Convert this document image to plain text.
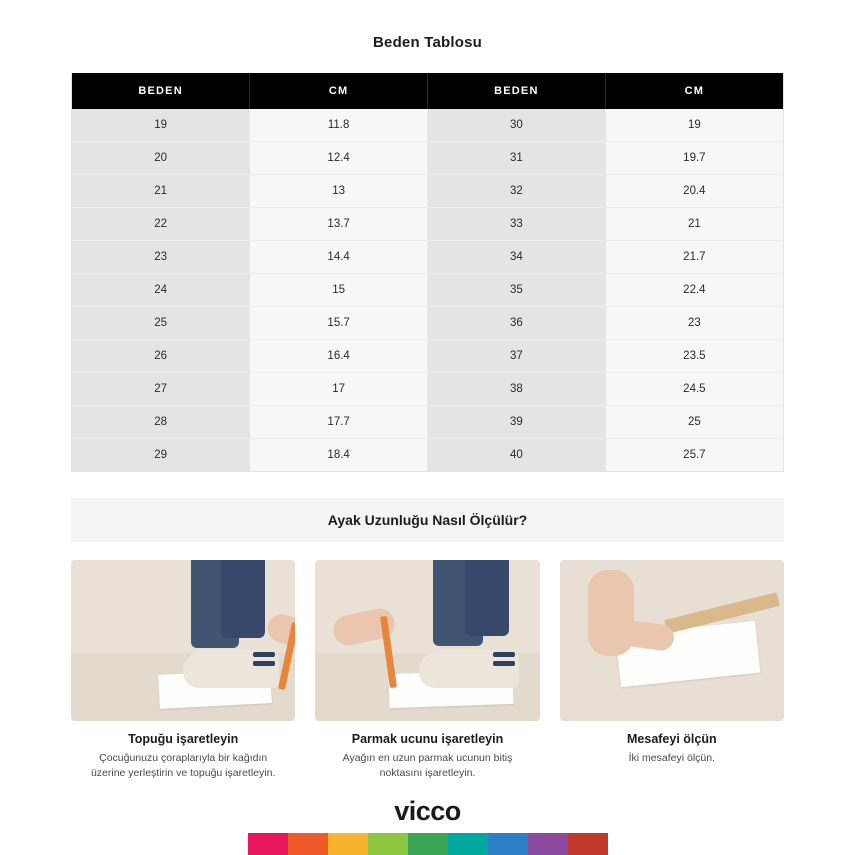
Beden Tablosu
BEDEN	CM	BEDEN	CM
19	11.8	30	19
20	12.4	31	19.7
21	13	32	20.4
22	13.7	33	21
23	14.4	34	21.7
24	15	35	22.4
25	15.7	36	23
26	16.4	37	23.5
27	17	38	24.5
28	17.7	39	25
29	18.4	40	25.7
Ayak Uzunluğu Nasıl Ölçülür?
Topuğu işaretleyin
Çocuğunuzu çoraplarıyla bir kağıdın üzerine yerleştirin ve topuğu işaretleyin.
Parmak ucunu işaretleyin
Ayağın en uzun parmak ucunun bitiş noktasını işaretleyin.
Mesafeyi ölçün
İki mesafeyi ölçün.
vicco
